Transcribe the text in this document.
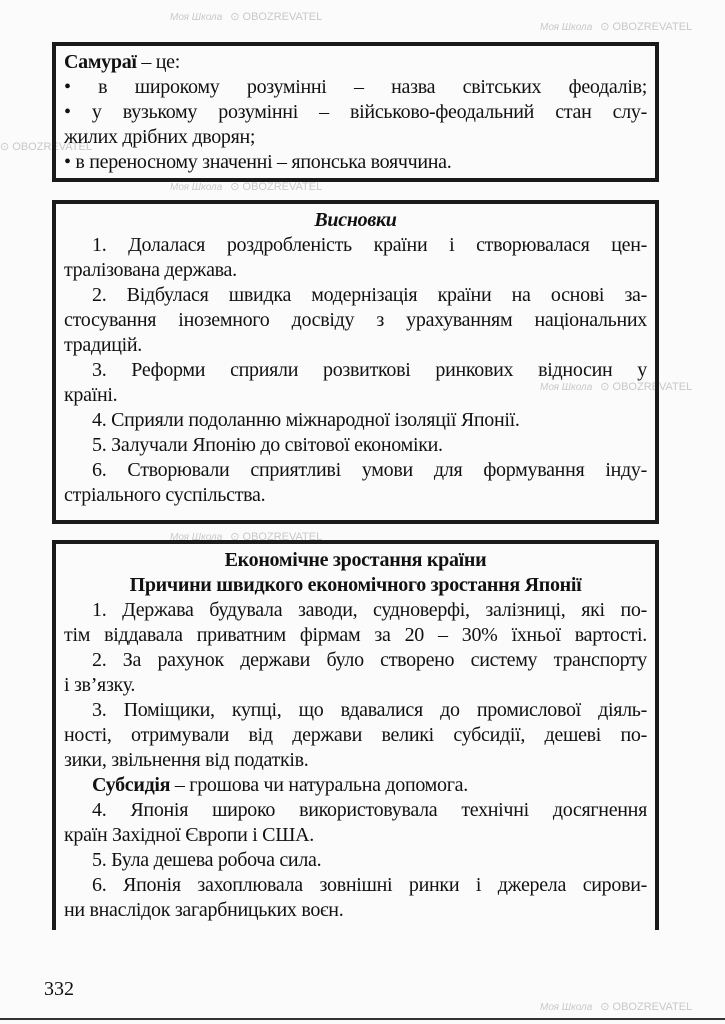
Моя Школа ⊙ OBOZREVATEL
Моя Школа ⊙ OBOZREVATEL
⊙ OBOZREVATEL
Моя Школа ⊙ OBOZREVATEL
Моя Школа ⊙ OBOZREVATEL
Моя Школа ⊙ OBOZREVATEL
Моя Школа ⊙ OBOZREVATEL
Самураї – це:
• в широкому розумінні – назва світських феодалів;
• у вузькому розумінні – військово-феодальний стан слу-
жилих дрібних дворян;
• в переносному значенні – японська вояччина.
Висновки
1. Долалася роздробленість країни і створювалася цен-
тралізована держава.
2. Відбулася швидка модернізація країни на основі за-
стосування іноземного досвіду з урахуванням національних
традицій.
3. Реформи сприяли розвиткові ринкових відносин у
країні.
4. Сприяли подоланню міжнародної ізоляції Японії.
5. Залучали Японію до світової економіки.
6. Створювали сприятливі умови для формування інду-
стріального суспільства.
Економічне зростання країни
Причини швидкого економічного зростання Японії
1. Держава будувала заводи, судноверфі, залізниці, які по-
тім віддавала приватним фірмам за 20 – 30% їхньої вартості.
2. За рахунок держави було створено систему транспорту
і зв’язку.
3. Поміщики, купці, що вдавалися до промислової діяль-
ності, отримували від держави великі субсидії, дешеві по-
зики, звільнення від податків.
Субсидія – грошова чи натуральна допомога.
4. Японія широко використовувала технічні досягнення
країн Західної Європи і США.
5. Була дешева робоча сила.
6. Японія захоплювала зовнішні ринки і джерела сирови-
ни внаслідок загарбницьких воєн.
332
